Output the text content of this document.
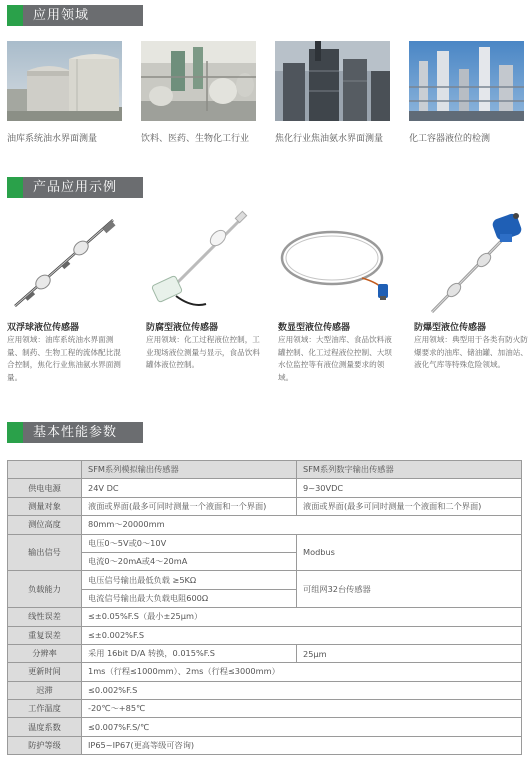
应用领域
油库系统油水界面测量	饮料、医药、生物化工行业	焦化行业焦油氨水界面测量	化工容器液位的检测
产品应用示例
双浮球液位传感器
应用领域：油库系统油水界面测量、制药、生物工程的流体配比混合控制，焦化行业焦油氨水界面测量。
防腐型液位传感器
应用领域：化工过程液位控制，工业现场液位测量与显示，食品饮料罐体液位控制。
数显型液位传感器
应用领域：大型油库、食品饮料液罐控制、化工过程液位控制、大坝水位监控等有液位测量要求的领域。
防爆型液位传感器
应用领域：典型用于各类有防火防爆要求的油库、储油罐、加油站、液化气库等特殊危险领域。
基本性能参数
	SFM系列模拟输出传感器	SFM系列数字输出传感器
供电电源	24V DC	9~30VDC
测量对象	液面或界面(最多可同时测量一个液面和一个界面)	液面或界面(最多可同时测量一个液面和二个界面)
测位高度	80mm～20000mm	
输出信号	电压0～5V或0～10V	Modbus
	电流0～20mA或4～20mA	
负载能力	电压信号输出最低负载 ≥5KΩ	可组网32台传感器
	电流信号输出最大负载电阻600Ω	
线性误差	≤±0.05%F.S（最小±25μm）	
重复误差	≤±0.002%F.S	
分辨率	采用 16bit D/A 转换，0.015%F.S	25μm
更新时间	1ms（行程≤1000mm）、2ms（行程≤3000mm）	
迟滞	≤0.002%F.S	
工作温度	-20℃～+85℃	
温度系数	≤0.007%F.S/℃	
防护等级	IP65~IP67(更高等级可咨询)	
